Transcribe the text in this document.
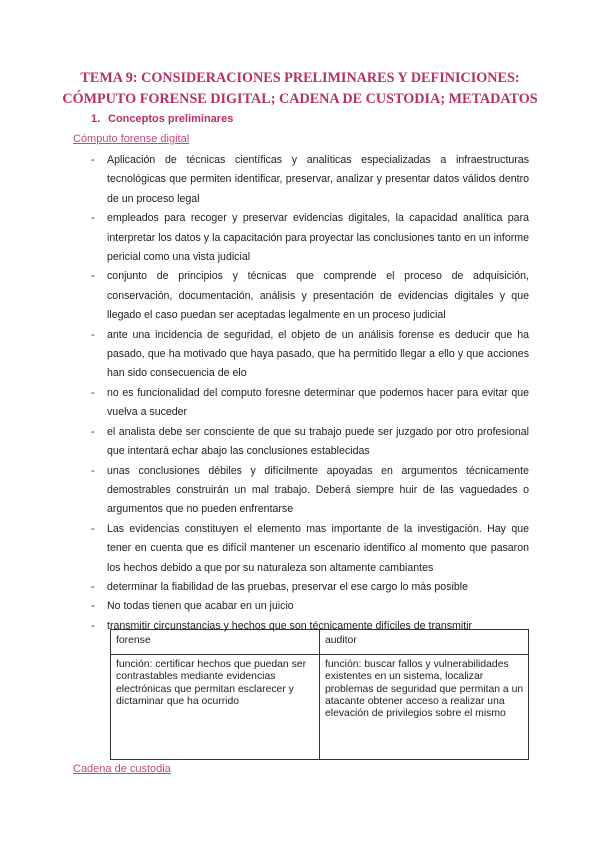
TEMA 9: CONSIDERACIONES PRELIMINARES Y DEFINICIONES:
CÓMPUTO FORENSE DIGITAL; CADENA DE CUSTODIA; METADATOS
1. Conceptos preliminares
Cómputo forense digital
- Aplicación de técnicas científicas y analíticas especializadas a infraestructuras tecnológicas que permiten identificar, preservar, analizar y presentar datos válidos dentro de un proceso legal
- empleados para recoger y preservar evidencias digitales, la capacidad analítica para interpretar los datos y la capacitación para proyectar las conclusiones tanto en un informe pericial como una vista judicial
- conjunto de principios y técnicas que comprende el proceso de adquisición, conservación, documentación, análisis y presentación de evidencias digitales y que llegado el caso puedan ser aceptadas legalmente en un proceso judicial
- ante una incidencia de seguridad, el objeto de un análisis forense es deducir que ha pasado, que ha motivado que haya pasado, que ha permitido llegar a ello y que acciones han sido consecuencia de elo
- no es funcionalidad del computo foresne determinar que podemos hacer para evitar que vuelva a suceder
- el analista debe ser consciente de que su trabajo puede ser juzgado por otro profesional que intentará echar abajo las conclusiones establecidas
- unas conclusiones débiles y difícilmente apoyadas en argumentos técnicamente demostrables construirán un mal trabajo. Deberá siempre huir de las vaguedades o argumentos que no pueden enfrentarse
- Las evidencias constituyen el elemento mas importante de la investigación. Hay que tener en cuenta que es difícil mantener un escenario identifico al momento que pasaron los hechos debido a que por su naturaleza son altamente cambiantes
- determinar la fiabilidad de las pruebas, preservar el ese cargo lo más posible
- No todas tienen que acabar en un juicio
- transmitir circunstancias y hechos que son técnicamente difíciles de transmitir
forense	auditor
función: certificar hechos que puedan ser contrastables mediante evidencias electrónicas que permitan esclarecer y dictaminar que ha ocurrido	función: buscar fallos y vulnerabilidades existentes en un sistema, localizar problemas de seguridad que permitan a un atacante obtener acceso a realizar una elevación de privilegios sobre el mismo
Cadena de custodia
